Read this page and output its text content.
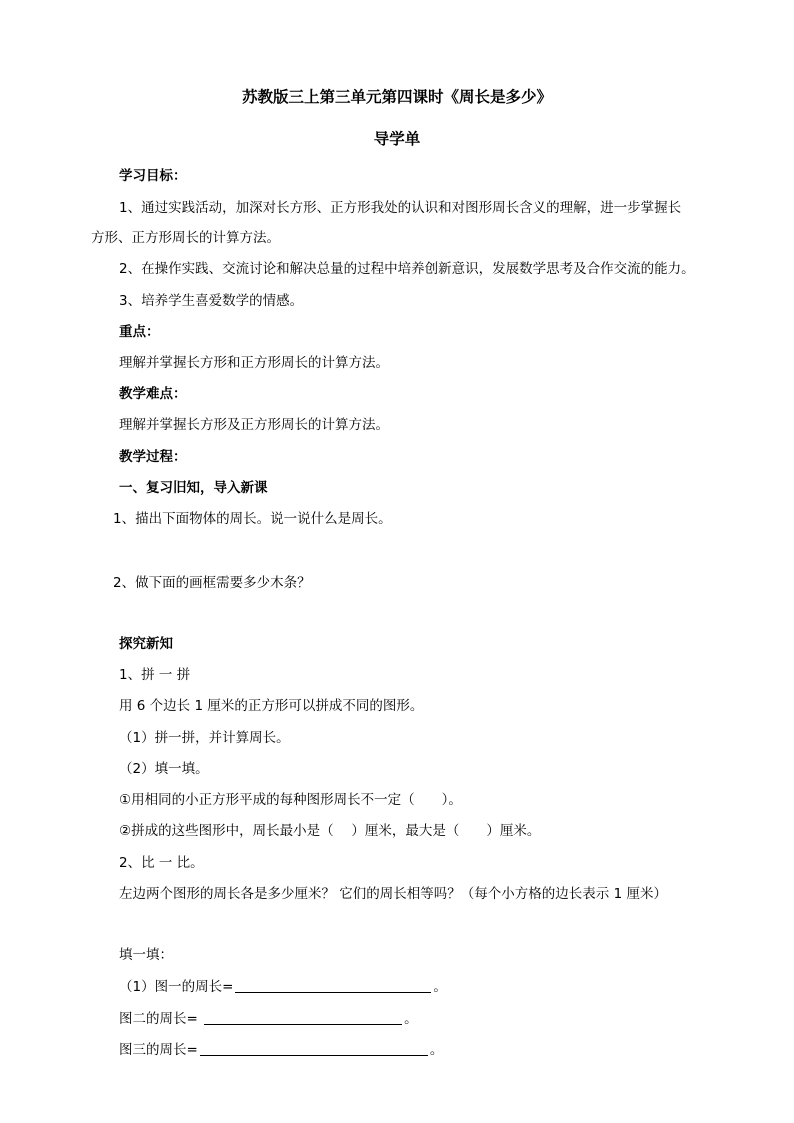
苏教版三上第三单元第四课时《周长是多少》
导学单
学习目标：
1、通过实践活动，加深对长方形、正方形我处的认识和对图形周长含义的理解，进一步掌握长
方形、正方形周长的计算方法。
2、在操作实践、交流讨论和解决总量的过程中培养创新意识，发展数学思考及合作交流的能力。
3、培养学生喜爱数学的情感。
重点：
理解并掌握长方形和正方形周长的计算方法。
教学难点：
理解并掌握长方形及正方形周长的计算方法。
教学过程：
一、复习旧知，导入新课
1、描出下面物体的周长。说一说什么是周长。
2、做下面的画框需要多少木条？
探究新知
1、拼 一 拼
用 6 个边长 1 厘米的正方形可以拼成不同的图形。
（1）拼一拼，并计算周长。
（2）填一填。
①用相同的小正方形平成的每种图形周长不一定（　　）。
②拼成的这些图形中，周长最小是（　 ）厘米，最大是（　　）厘米。
2、比 一 比。
左边两个图形的周长各是多少厘米？ 它们的周长相等吗？（每个小方格的边长表示 1 厘米）
填一填：
（1）图一的周长=	。
图二的周长=	。
图三的周长=	。
